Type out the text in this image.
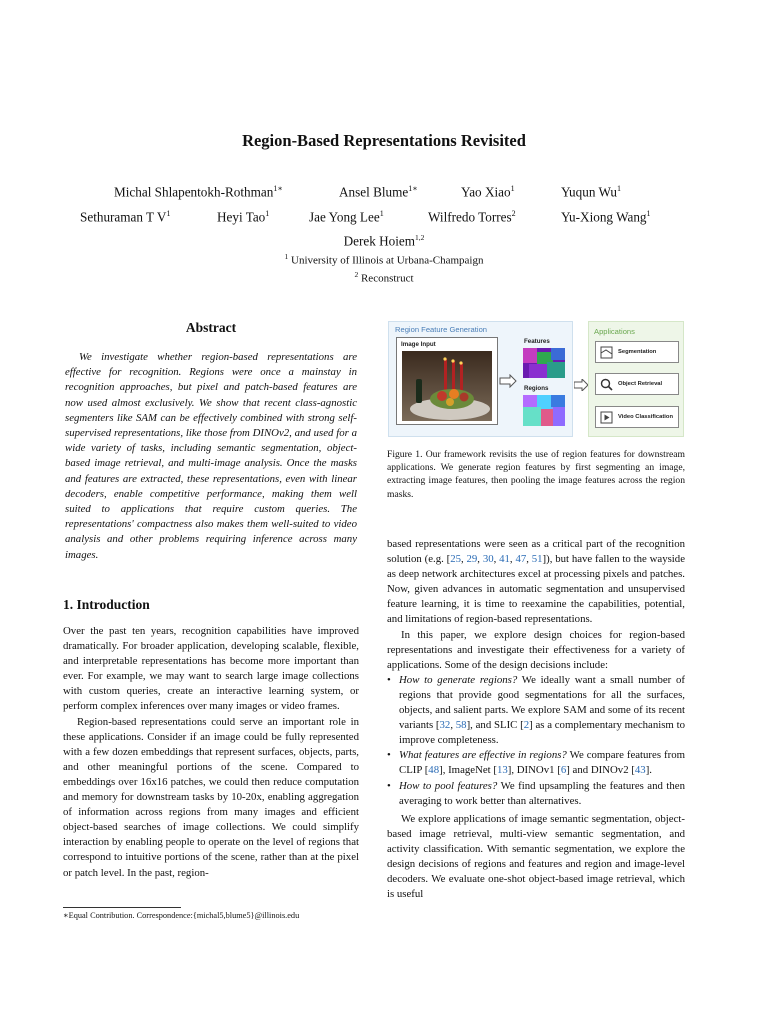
Region-Based Representations Revisited
Michal Shlapentokh-Rothman$^{1∗}$	Ansel Blume$^{1∗}$	Yao Xiao$^1$	Yuqun Wu$^1$
Sethuraman T $V^1$	Heyi Tao$^1$	Jae Yong Lee$^1$	Wilfredo Torres$^2$	Yu-Xiong Wang$^1$
Derek Hoiem$^{1,2}$
$^1$ University of Illinois at Urbana-Champaign
$^2$ Reconstruct
Abstract

We investigate whether region-based representations are effective for recognition. Regions were once a mainstay in recognition approaches, but pixel and patch-based features are now used almost exclusively. We show that recent class-agnostic segmenters like SAM can be effectively combined with strong self-supervised representations, like those from DINOv2, and used for a wide variety of tasks, including semantic segmentation, object-based image retrieval, and multi-image analysis. Once the masks and features are extracted, these representations, even with linear decoders, enable competitive performance, making them well suited to applications that require custom queries. The representations' compactness also makes them well-suited to video analysis and other problems requiring inference across many images.

1. Introduction

Over the past ten years, recognition capabilities have improved dramatically. For broader application, developing scalable, flexible, and interpretable representations has become more important than ever. For example, we may want to search large image collections with custom queries, create an interactive learning system, or perform complex inferences over many images or video frames.

Region-based representations could serve an important role in these applications. Consider if an image could be fully represented with a few dozen embeddings that represent surfaces, objects, parts, and other meaningful portions of the scene. Compared to embeddings over 16x16 patches, we could then reduce computation and memory for downstream tasks by 10-20x, enabling aggregation of information across regions from many images and efficient object-based searches of image collections. We could simplify interaction by enabling people to operate on the level of regions that correspond to intuitive portions of the scene, rather than at the pixel or patch level. In the past, region-

∗Equal Contribution. Correspondence:{michal5,blume5}@illinois.edu
Region Feature Generation
Image Input	Features
Regions
Applications
Segmentation
Object Retrieval
Video Classification

Figure 1. Our framework revisits the use of region features for downstream applications. We generate region features by first segmenting an image, extracting image features, then pooling the image features across the region masks.

based representations were seen as a critical part of the recognition solution (e.g. [25, 29, 30, 41, 47, 51]), but have fallen to the wayside as deep network architectures excel at processing pixels and patches. Now, given advances in automatic segmentation and unsupervised feature learning, it is time to reexamine the capabilities, potential, and limitations of region-based representations.

In this paper, we explore design choices for region-based representations and investigate their effectiveness for a variety of applications. Some of the design decisions include:

• How to generate regions? We ideally want a small number of regions that provide good segmentations for all the surfaces, objects, and salient parts. We explore SAM and some of its recent variants [32, 58], and SLIC [2] as a complementary mechanism to improve completeness.
• What features are effective in regions? We compare features from CLIP [48], ImageNet [13], DINOv1 [6] and DINOv2 [43].
• How to pool features? We find upsampling the features and then averaging to work better than alternatives.

We explore applications of image semantic segmentation, object-based image retrieval, multi-view semantic segmentation, and activity classification. With semantic segmentation, we explore the design decisions of regions and features and region and image-level decoders. We evaluate one-shot object-based image retrieval, which is useful
